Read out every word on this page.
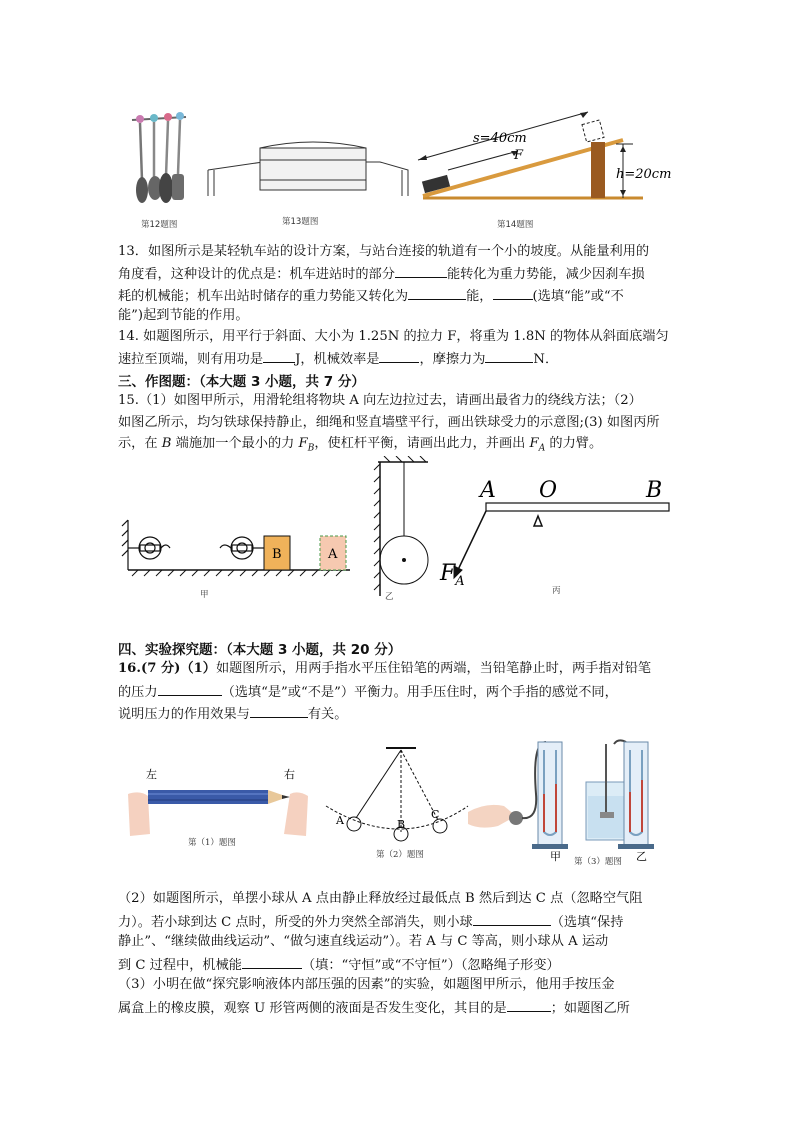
s=40cm
F
h=20cm
第12题图	第13题图	第14题图
13．如图所示是某轻轨车站的设计方案，与站台连接的轨道有一个小的坡度。从能量利用的
角度看，这种设计的优点是：机车进站时的部分	能转化为重力势能，减少因刹车损
耗的机械能；机车出站时储存的重力势能又转化为	能，	(选填“能”或“不
能”)起到节能的作用。
14. 如题图所示，用平行于斜面、大小为 1.25N 的拉力 F，将重为 1.8N 的物体从斜面底端匀
速拉至顶端，则有用功是 J，机械效率是	，摩擦力为	N．
三、作图题：（本大题 3 小题，共 7 分）
15.（1）如图甲所示，用滑轮组将物块 A 向左边拉过去，请画出最省力的绕线方法；（2）
如图乙所示，均匀铁球保持静止，细绳和竖直墙壁平行，画出铁球受力的示意图;(3) 如图丙所
示，在 B 端施加一个最小的力 $F_B$，使杠杆平衡，请画出此力，并画出 $F_A$ 的力臂。
B	A
A O	B
$F_A$
甲	乙
丙
四、实验探究题：（本大题 3 小题，共 20 分）
16.(7 分)（1）如题图所示，用两手指水平压住铅笔的两端，当铅笔静止时，两手指对铅笔
的压力	（选填“是”或“不是”）平衡力。用手压住时，两个手指的感觉不同，
说明压力的作用效果与	有关。
左	右
第（1）题图
A	B
C
第（2）题图	甲	乙
第（3）题图
（2）如题图所示，单摆小球从 A 点由静止释放经过最低点 B 然后到达 C 点（忽略空气阻
力）。若小球到达 C 点时，所受的外力突然全部消失，则小球	（选填“保持
静止”、“继续做曲线运动”、“做匀速直线运动”）。若 A 与 C 等高，则小球从 A 运动
到 C 过程中，机械能	（填：“守恒”或“不守恒”）（忽略绳子形变）
（3）小明在做“探究影响液体内部压强的因素”的实验，如题图甲所示，他用手按压金
属盒上的橡皮膜，观察 U 形管两侧的液面是否发生变化，其目的是	；如题图乙所
